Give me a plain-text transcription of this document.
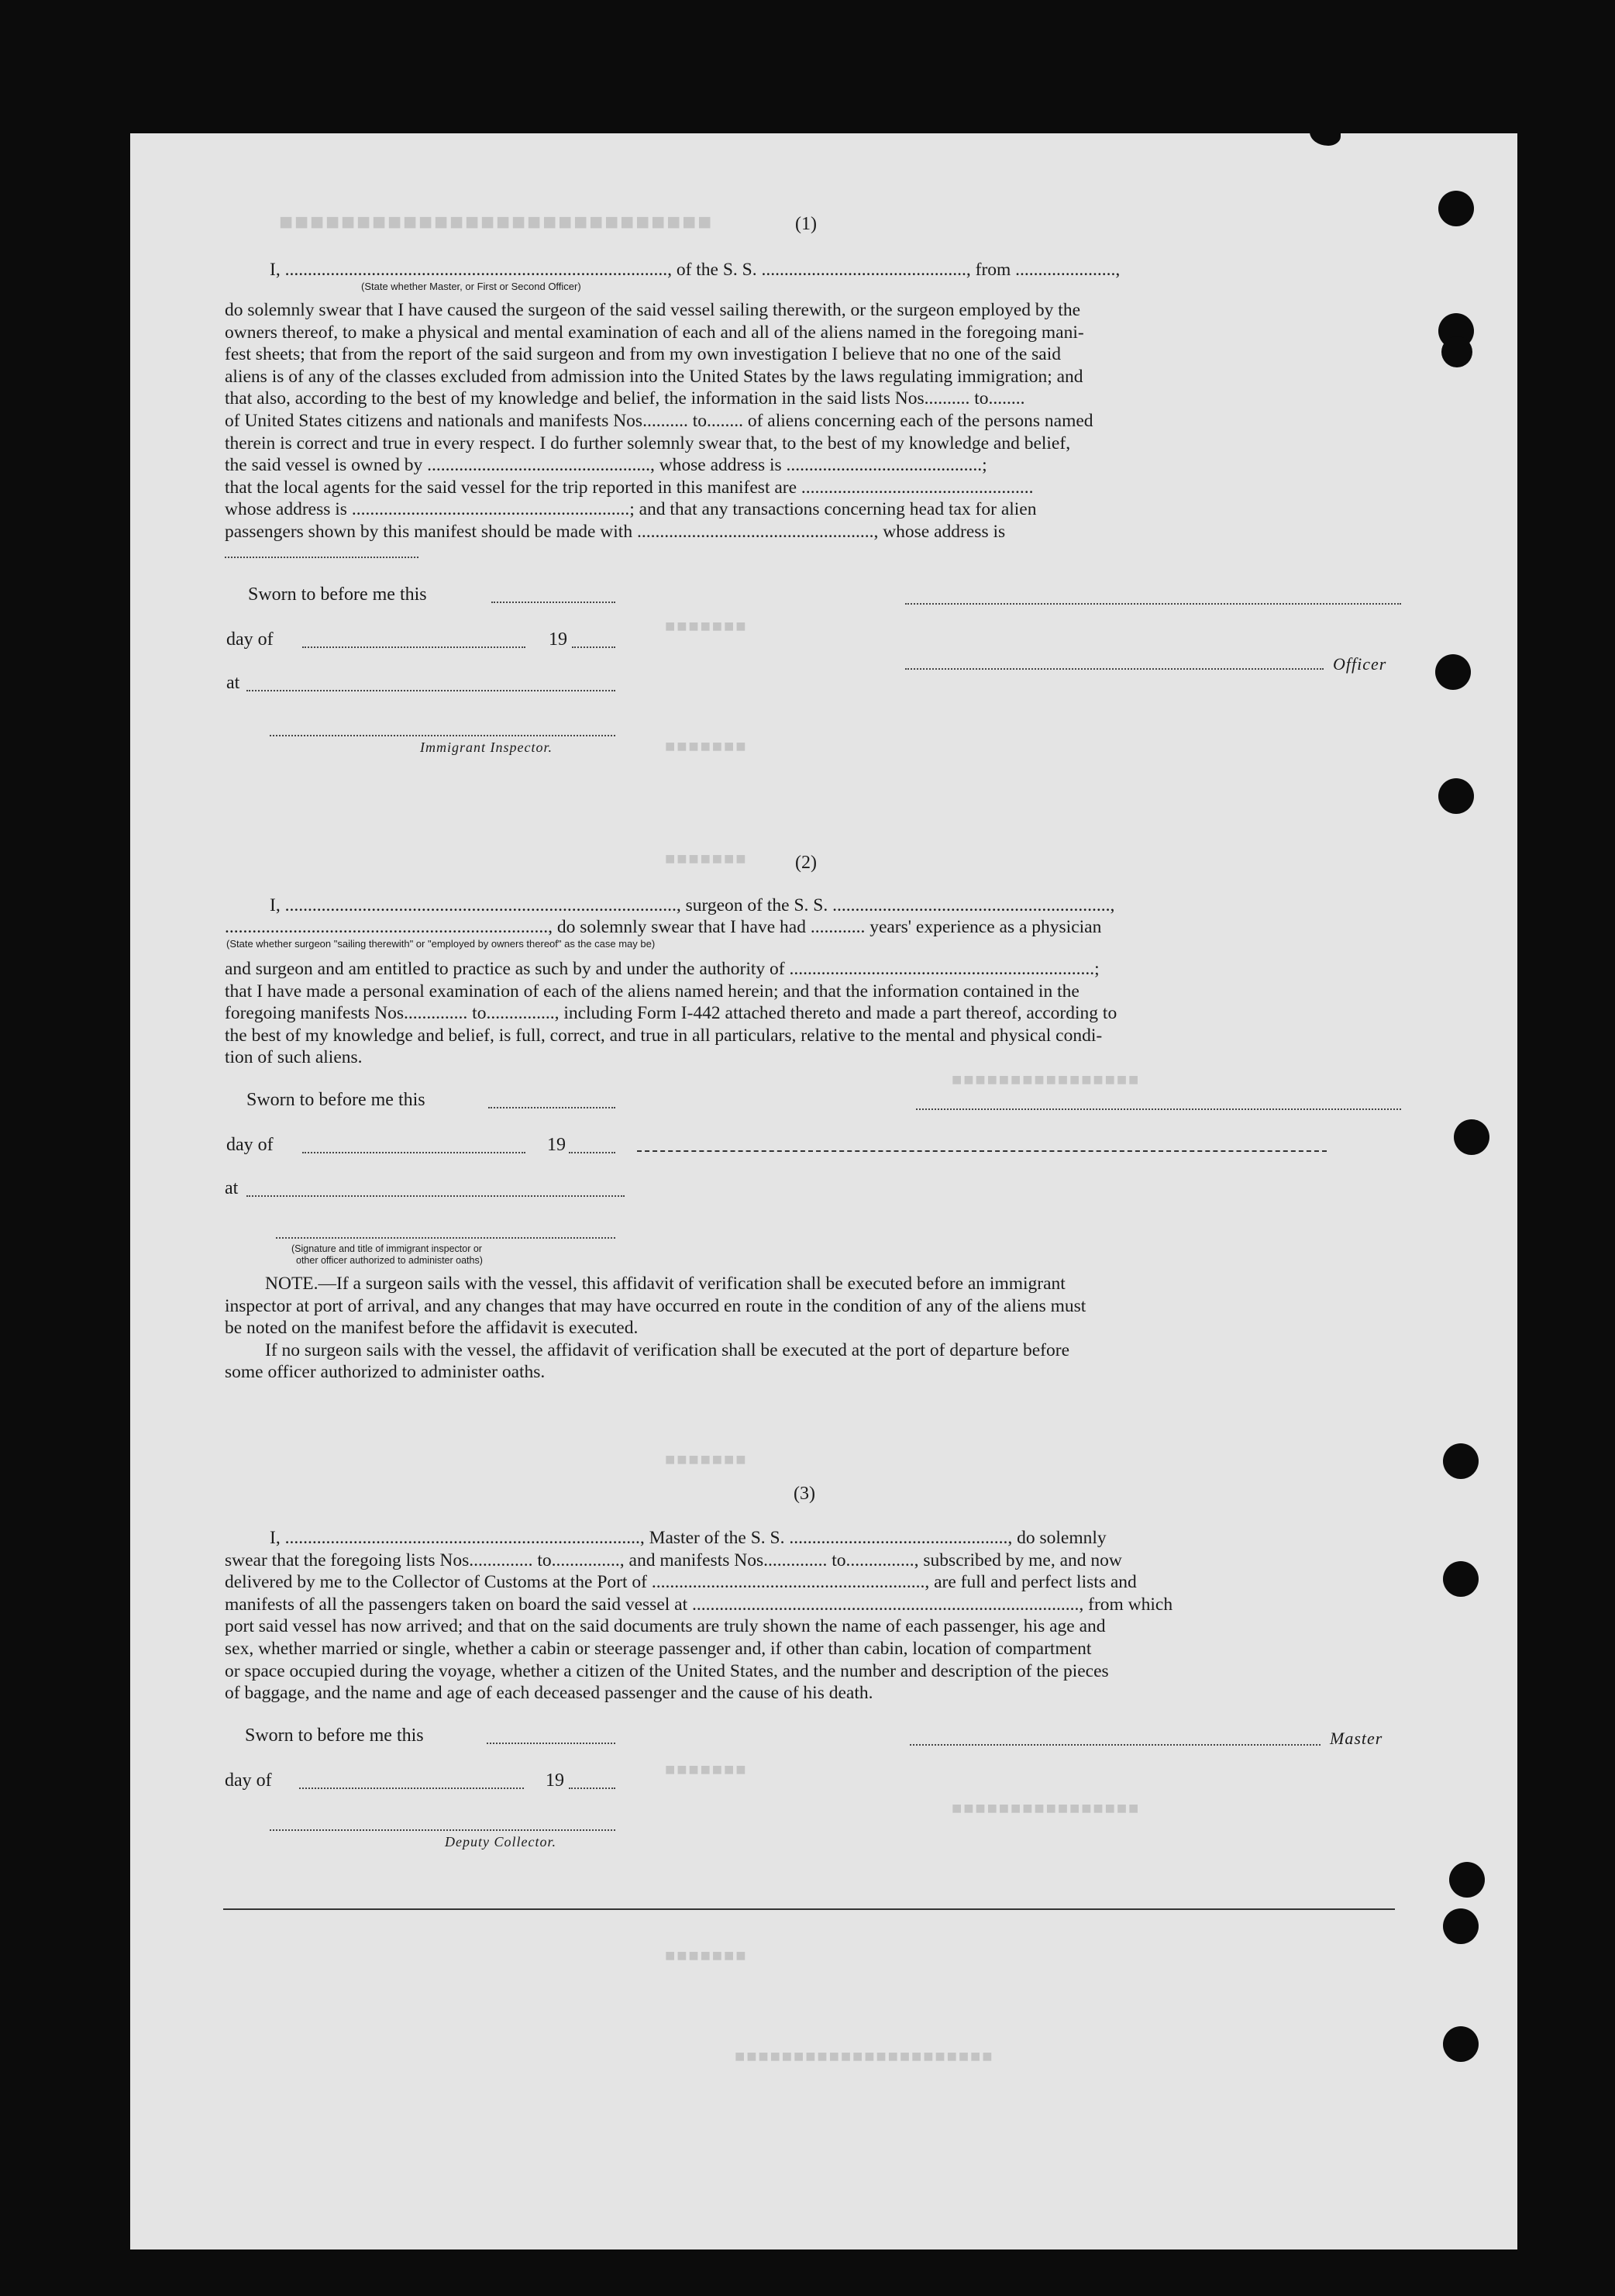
■■■■■■■■■■■■■■■■■■■■■■■■■■■■
■■■■■■■
■■■■■■■
■■■■■■■
■■■■■■■■■■■■■■■■
■■■■■■■
■■■■■■■
■■■■■■■■■■■■■■■■
■■■■■■■
■■■■■■■■■■■■■■■■■■■■■■
(1)
I, ...................................................................................., of the S. S. ............................................., from ......................,
(State whether Master, or First or Second Officer)
do solemnly swear that I have caused the surgeon of the said vessel sailing therewith, or the surgeon employed by the
owners thereof, to make a physical and mental examination of each and all of the aliens named in the foregoing mani-
fest sheets; that from the report of the said surgeon and from my own investigation I believe that no one of the said
aliens is of any of the classes excluded from admission into the United States by the laws regulating immigration; and
that also, according to the best of my knowledge and belief, the information in the said lists Nos.......... to........
of United States citizens and nationals and manifests Nos.......... to........ of aliens concerning each of the persons named
therein is correct and true in every respect. I do further solemnly swear that, to the best of my knowledge and belief,
the said vessel is owned by ................................................., whose address is ...........................................;
that the local agents for the said vessel for the trip reported in this manifest are ...................................................
whose address is .............................................................; and that any transactions concerning head tax for alien
passengers shown by this manifest should be made with ...................................................., whose address is
Sworn to before me this
day of	19
Officer
at
Immigrant Inspector.
(2)
I, ......................................................................................, surgeon of the S. S. .............................................................,
......................................................................., do solemnly swear that I have had ............ years' experience as a physician
(State whether surgeon "sailing therewith" or "employed by owners thereof" as the case may be)
and surgeon and am entitled to practice as such by and under the authority of ...................................................................;
that I have made a personal examination of each of the aliens named herein; and that the information contained in the
foregoing manifests Nos.............. to..............., including Form I-442 attached thereto and made a part thereof, according to
the best of my knowledge and belief, is full, correct, and true in all particulars, relative to the mental and physical condi-
tion of such aliens.
Sworn to before me this
day of	19
at
(Signature and title of immigrant inspector or
other officer authorized to administer oaths)
NOTE.—If a surgeon sails with the vessel, this affidavit of verification shall be executed before an immigrant
inspector at port of arrival, and any changes that may have occurred en route in the condition of any of the aliens must
be noted on the manifest before the affidavit is executed.
If no surgeon sails with the vessel, the affidavit of verification shall be executed at the port of departure before
some officer authorized to administer oaths.
(3)
I, .............................................................................., Master of the S. S. ................................................, do solemnly
swear that the foregoing lists Nos.............. to..............., and manifests Nos.............. to..............., subscribed by me, and now
delivered by me to the Collector of Customs at the Port of ............................................................, are full and perfect lists and
manifests of all the passengers taken on board the said vessel at ....................................................................................., from which
port said vessel has now arrived; and that on the said documents are truly shown the name of each passenger, his age and
sex, whether married or single, whether a cabin or steerage passenger and, if other than cabin, location of compartment
or space occupied during the voyage, whether a citizen of the United States, and the number and description of the pieces
of baggage, and the name and age of each deceased passenger and the cause of his death.
Sworn to before me this	Master
day of	19
Deputy Collector.
